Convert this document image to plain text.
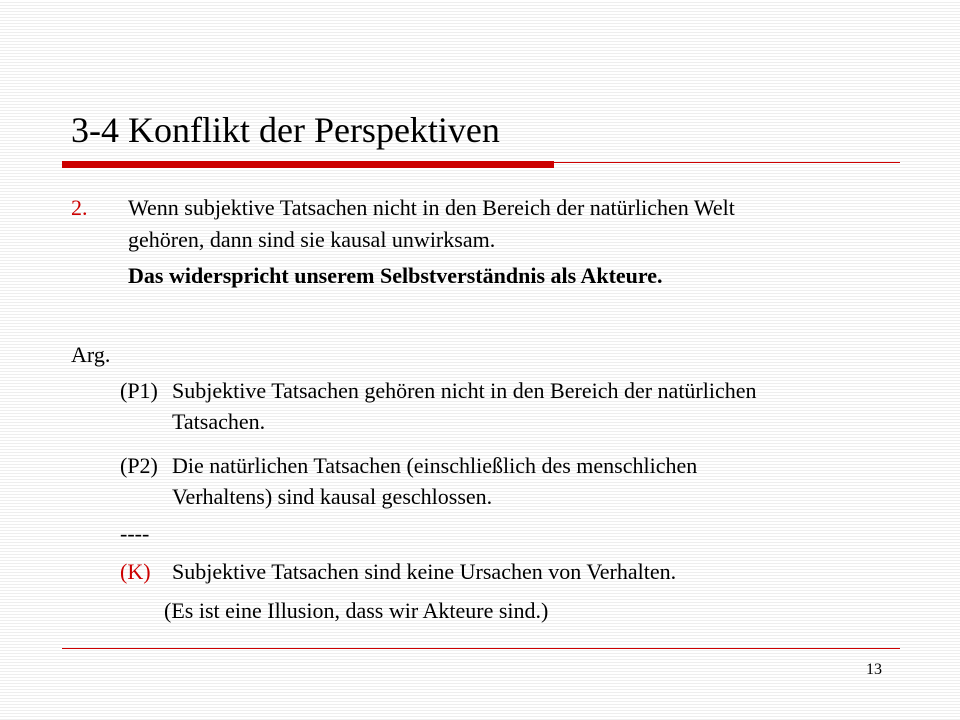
3-4 Konflikt der Perspektiven
2. Wenn subjektive Tatsachen nicht in den Bereich der natürlichen Welt
gehören, dann sind sie kausal unwirksam.
Das widerspricht unserem Selbstverständnis als Akteure.
Arg.
(P1) Subjektive Tatsachen gehören nicht in den Bereich der natürlichen
Tatsachen.
(P2) Die natürlichen Tatsachen (einschließlich des menschlichen
Verhaltens) sind kausal geschlossen.
----
(K) Subjektive Tatsachen sind keine Ursachen von Verhalten.
(Es ist eine Illusion, dass wir Akteure sind.)
13
